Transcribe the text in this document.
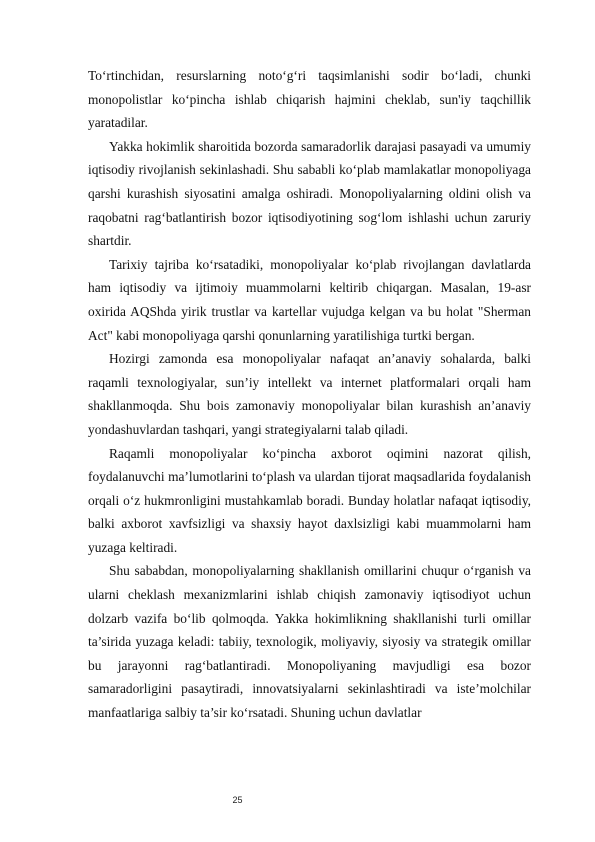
To‘rtinchidan, resurslarning noto‘g‘ri taqsimlanishi sodir bo‘ladi, chunki monopolistlar ko‘pincha ishlab chiqarish hajmini cheklab, sun'iy taqchillik yaratadilar.

Yakka hokimlik sharoitida bozorda samaradorlik darajasi pasayadi va umumiy iqtisodiy rivojlanish sekinlashadi. Shu sababli ko‘plab mamlakatlar monopoliyaga qarshi kurashish siyosatini amalga oshiradi. Monopoliyalarning oldini olish va raqobatni rag‘batlantirish bozor iqtisodiyotining sog‘lom ishlashi uchun zaruriy shartdir.

Tarixiy tajriba ko‘rsatadiki, monopoliyalar ko‘plab rivojlangan davlatlarda ham iqtisodiy va ijtimoiy muammolarni keltirib chiqargan. Masalan, 19-asr oxirida AQShda yirik trustlar va kartellar vujudga kelgan va bu holat "Sherman Act" kabi monopoliyaga qarshi qonunlarning yaratilishiga turtki bergan.

Hozirgi zamonda esa monopoliyalar nafaqat an’anaviy sohalarda, balki raqamli texnologiyalar, sun’iy intellekt va internet platformalari orqali ham shakllanmoqda. Shu bois zamonaviy monopoliyalar bilan kurashish an’anaviy yondashuvlardan tashqari, yangi strategiyalarni talab qiladi.

Raqamli monopoliyalar ko‘pincha axborot oqimini nazorat qilish, foydalanuvchi ma’lumotlarini to‘plash va ulardan tijorat maqsadlarida foydalanish orqali o‘z hukmronligini mustahkamlab boradi. Bunday holatlar nafaqat iqtisodiy, balki axborot xavfsizligi va shaxsiy hayot daxlsizligi kabi muammolarni ham yuzaga keltiradi.

Shu sababdan, monopoliyalarning shakllanish omillarini chuqur o‘rganish va ularni cheklash mexanizmlarini ishlab chiqish zamonaviy iqtisodiyot uchun dolzarb vazifa bo‘lib qolmoqda. Yakka hokimlikning shakllanishi turli omillar ta’sirida yuzaga keladi: tabiiy, texnologik, moliyaviy, siyosiy va strategik omillar bu jarayonni rag‘batlantiradi. Monopoliyaning mavjudligi esa bozor samaradorligini pasaytiradi, innovatsiyalarni sekinlashtiradi va iste’molchilar manfaatlariga salbiy ta’sir ko‘rsatadi. Shuning uchun davlatlar

25
